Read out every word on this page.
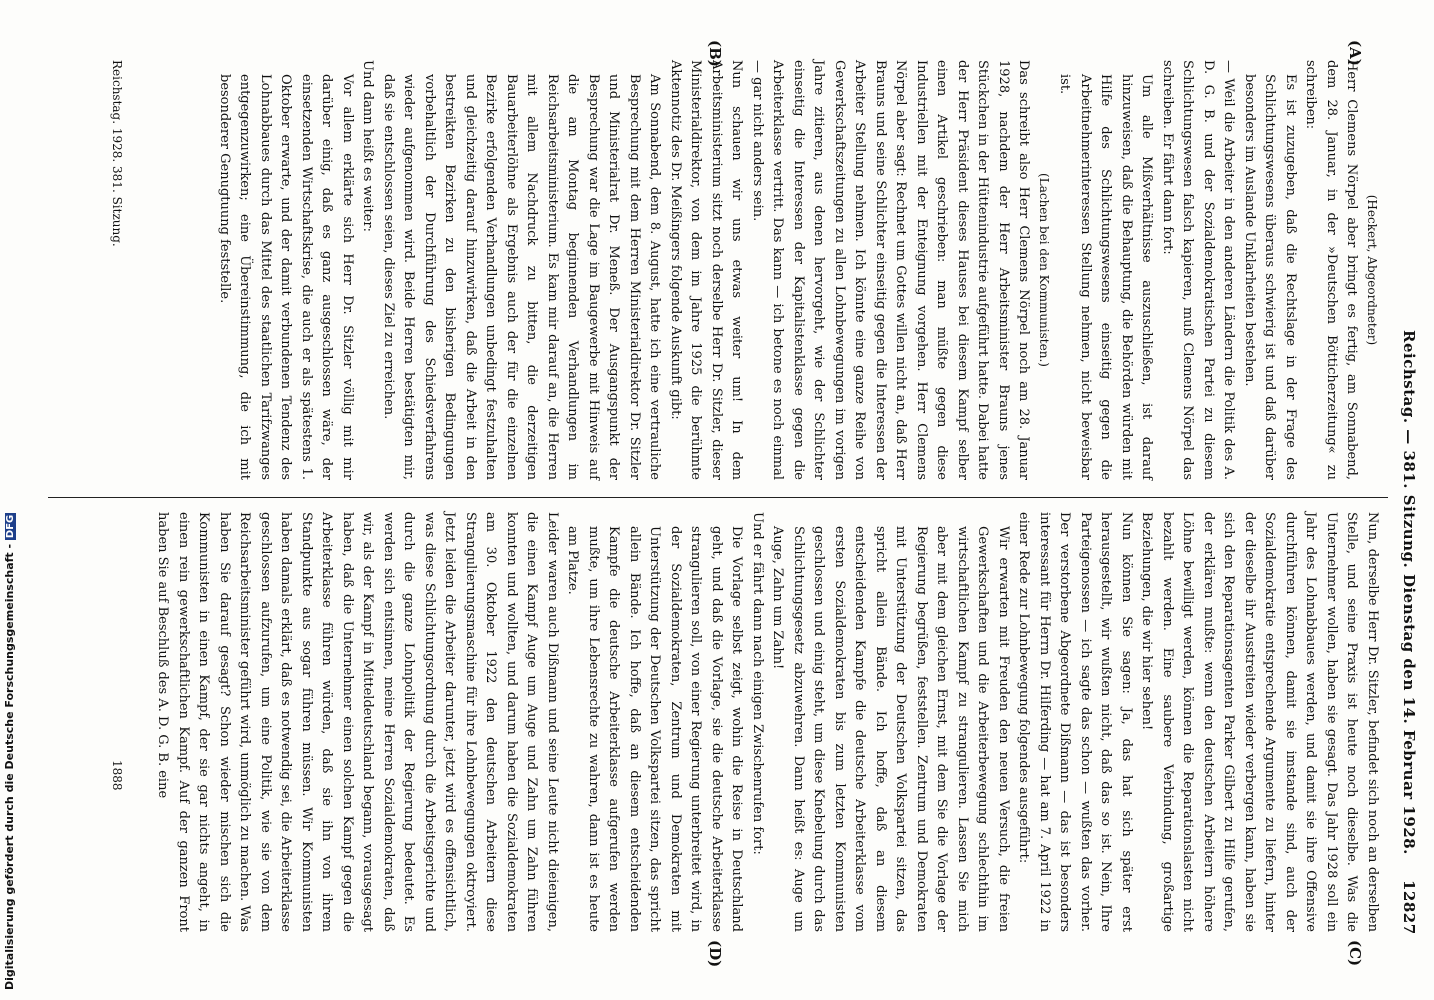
Reichstag. — 381. Sitzung. Dienstag den 14. Februar 1928.
12827
(Heckert, Abgeordneter)
Herr Clemens Nörpel aber bringt es fertig, am Sonnabend, dem 28. Januar, in der »Deutschen Bötticherzeitung« zu schreiben:
Es ist zuzugeben, daß die Rechtslage in der Frage des Schlichtungswesens überaus schwierig ist und daß darüber besonders im Auslande Unklarheiten bestehen.
— Weil die Arbeiter in den anderen Ländern die Politik des A. D. G. B. und der Sozialdemokratischen Partei zu diesem Schlichtungswesen falsch kapieren, muß Clemens Nörpel das schreiben. Er fährt dann fort:
Um alle Mißverhältnisse auszuschließen, ist darauf hinzuweisen, daß die Behauptung, die Behörden würden mit Hilfe des Schlichtungswesens einseitig gegen die Arbeitnehmerinteressen Stellung nehmen, nicht beweisbar ist.
(Lachen bei den Kommunisten.)
Das schreibt also Herr Clemens Nörpel noch am 28. Januar 1928, nachdem der Herr Arbeitsminister Brauns jenes Stückchen in der Hüttenindustrie aufgeführt hatte. Dabei hatte der Herr Präsident dieses Hauses bei diesem Kampf selber einen Artikel geschrieben: man müßte gegen diese Industriellen mit der Enteignung vorgehen. Herr Clemens Nörpel aber sagt: Rechnet um Gottes willen nicht an, daß Herr Brauns und seine Schlichter einseitig gegen die Interessen der Arbeiter Stellung nehmen. Ich könnte eine ganze Reihe von Gewerkschaftszeitungen zu allen Lohnbewegungen im vorigen Jahre zitieren, aus denen hervorgeht, wie der Schlichter einseitig die Interessen der Kapitalistenklasse gegen die Arbeiterklasse vertritt. Das kann — ich betone es noch einmal — gar nicht anders sein.
Nun schauen wir uns etwas weiter um! In dem Arbeitsministerium sitzt noch derselbe Herr Dr. Sitzler, dieser Ministerialdirektor, von dem im Jahre 1925 die berühmte Aktennotiz des Dr. Meißingers folgende Auskunft gibt:
Am Sonnabend, dem 8. August, hatte ich eine vertrauliche Besprechung mit dem Herren Ministerialdirektor Dr. Sitzler und Ministerialrat Dr. Meneß. Der Ausgangspunkt der Besprechung war die Lage im Baugewerbe mit Hinweis auf die am Montag beginnenden Verhandlungen im Reichsarbeitsministerium. Es kam mir darauf an, die Herren mit allem Nachdruck zu bitten, die derzeitigen Bauarbeiterlöhne als Ergebnis auch der für die einzelnen Bezirke erfolgenden Verhandlungen unbedingt festzuhalten und gleichzeitig darauf hinzuwirken, daß die Arbeit in den bestreikten Bezirken zu den bisherigen Bedingungen vorbehaltlich der Durchführung des Schiedsverfahrens wieder aufgenommen wird. Beide Herren bestätigten mir, daß sie entschlossen seien, dieses Ziel zu erreichen.
Und dann heißt es weiter:
Vor allem erklärte sich Herr Dr. Sitzler völlig mit mir darüber einig, daß es ganz ausgeschlossen wäre, der einsetzenden Wirtschaftskrise, die auch er als spätestens 1. Oktober erwarte, und der damit verbundenen Tendenz des Lohnabbaues durch das Mittel des staatlichen Tarifzwanges entgegenzuwirken; eine Übereinstimmung, die ich mit besonderer Genugtuung feststelle.
Nun, derselbe Herr Dr. Sitzler, befindet sich noch an derselben Stelle, und seine Praxis ist heute noch dieselbe. Was die Unternehmer wollen, haben sie gesagt. Das Jahr 1928 soll ein Jahr des Lohnabbaues werden, und damit sie ihre Offensive durchführen können, damit sie imstande sind, auch der Sozialdemokratie entsprechende Argumente zu liefern, hinter der dieselbe ihr Ausstreiten wieder verbergen kann, haben sie sich den Reparationsagenten Parker Gilbert zu Hilfe gerufen, der erklären mußte: wenn den deutschen Arbeitern höhere Löhne bewilligt werden, können die Reparationslasten nicht bezahlt werden. Eine saubere Verbindung, großartige Beziehungen, die wir hier sehen!
Nun können Sie sagen: Ja, das hat sich später erst herausgestellt, wir wußten nicht, daß das so ist. Nein, Ihre Parteigenossen — ich sagte das schon — wußten das vorher. Der verstorbene Abgeordnete Dißmann — das ist besonders interessant für Herrn Dr. Hilferding — hat am 7. April 1922 in einer Rede zur Lohnbewegung folgendes ausgeführt:
Wir erwarten mit Freuden den neuen Versuch, die freien Gewerkschaften und die Arbeiterbewegung schlechthin im wirtschaftlichen Kampf zu strangulieren. Lassen Sie mich aber mit dem gleichen Ernst, mit dem Sie die Vorlage der Regierung begrüßen, feststellen. Zentrum und Demokraten mit Unterstützung der Deutschen Volkspartei sitzen, das spricht allein Bände. Ich hoffe, daß an diesem entscheidenden Kampfe die deutsche Arbeiterklasse vom ersten Sozialdemokraten bis zum letzten Kommunisten geschlossen und einig steht, um diese Knebelung durch das Schlichtungsgesetz abzuwehren. Dann heißt es: Auge um Auge, Zahn um Zahn!
Und er fährt dann nach einigen Zwischenrufen fort:
Die Vorlage selbst zeigt, wohin die Reise in Deutschland geht, und daß die Vorlage, sie die deutsche Arbeiterklasse strangulieren soll, von einer Regierung unterbreitet wird, in der Sozialdemokraten, Zentrum und Demokraten mit Unterstützung der Deutschen Volkspartei sitzen, das spricht allein Bände. Ich hoffe, daß an diesem entscheidenden Kampfe die deutsche Arbeiterklasse aufgerufen werden mußte, um ihre Lebensrechte zu wahren, dann ist es heute am Platze.
Leider waren auch Dißmann und seine Leute nicht dieienigen, die einen Kampf Auge um Auge und Zahn um Zahn führen konnten und wollten, und darum haben die Sozialdemokraten am 30. Oktober 1922 den deutschen Arbeitern diese Strangulierungsmaschine für ihre Lohnbewegungen oktroyiert. Jetzt leiden die Arbeiter darunter, jetzt wird es offensichtlich, was diese Schlichtungsordnung durch die Arbeitsgerichte und durch die ganze Lohnpolitik der Regierung bedeutet. Es werden sich entsinnen, meine Herren Sozialdemokraten, daß wir, als der Kampf in Mitteldeutschland begann, vorausgesagt haben, daß die Unternehmer einen solchen Kampf gegen die Arbeiterklasse führen würden, daß sie ihn von ihrem Standpunkte aus sogar führen müssen. Wir Kommunisten haben damals erklärt, daß es notwendig sei, die Arbeiterklasse geschlossen aufzurufen, um eine Politik, wie sie von dem Reichsarbeitsminister geführt wird, unmöglich zu machen. Was haben Sie darauf gesagt? Schon wieder mischen sich die Kommunisten in einen Kampf, der sie gar nichts angeht, in einen rein gewerkschaftlichen Kampf. Auf der ganzen Front haben Sie auf Beschluß des A. D. G. B. eine
(A)
(B)
(C)
(D)
Reichstag. 1928. 381. Sitzung.
1888
Digitalisierung gefördert durch die Deutsche Forschungsgemeinschaft - DFG
